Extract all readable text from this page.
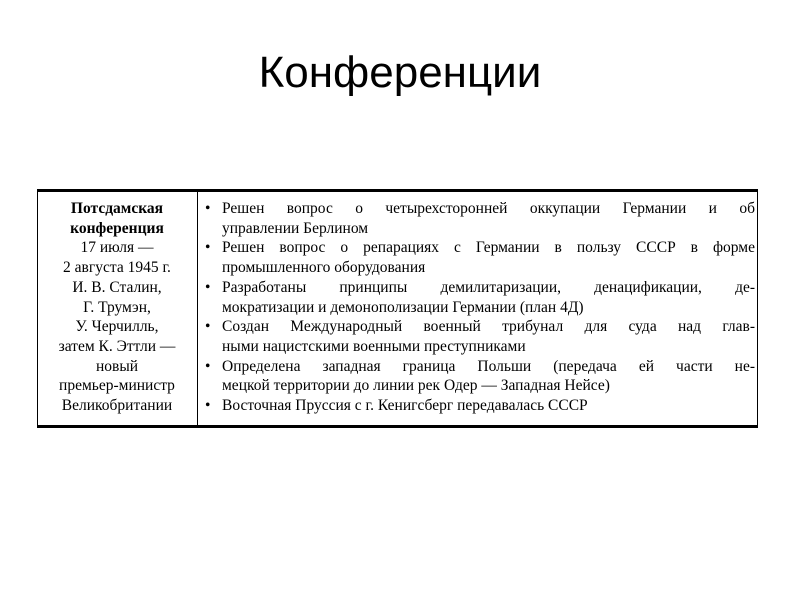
Конференции
Потсдамская
конференция
17 июля —
2 августа 1945 г.
И. В. Сталин,
Г. Трумэн,
У. Черчилль,
затем К. Эттли —
новый
премьер-министр
Великобритании
• Решен вопрос о четырехсторонней оккупации Германии и об
управлении Берлином
• Решен вопрос о репарациях с Германии в пользу СССР в форме
промышленного оборудования
• Разработаны принципы демилитаризации, денацификации, де-
мократизации и демонополизации Германии (план 4Д)
• Создан Международный военный трибунал для суда над глав-
ными нацистскими военными преступниками
• Определена западная граница Польши (передача ей части не-
мецкой территории до линии рек Одер — Западная Нейсе)
• Восточная Пруссия с г. Кенигсберг передавалась СССР
